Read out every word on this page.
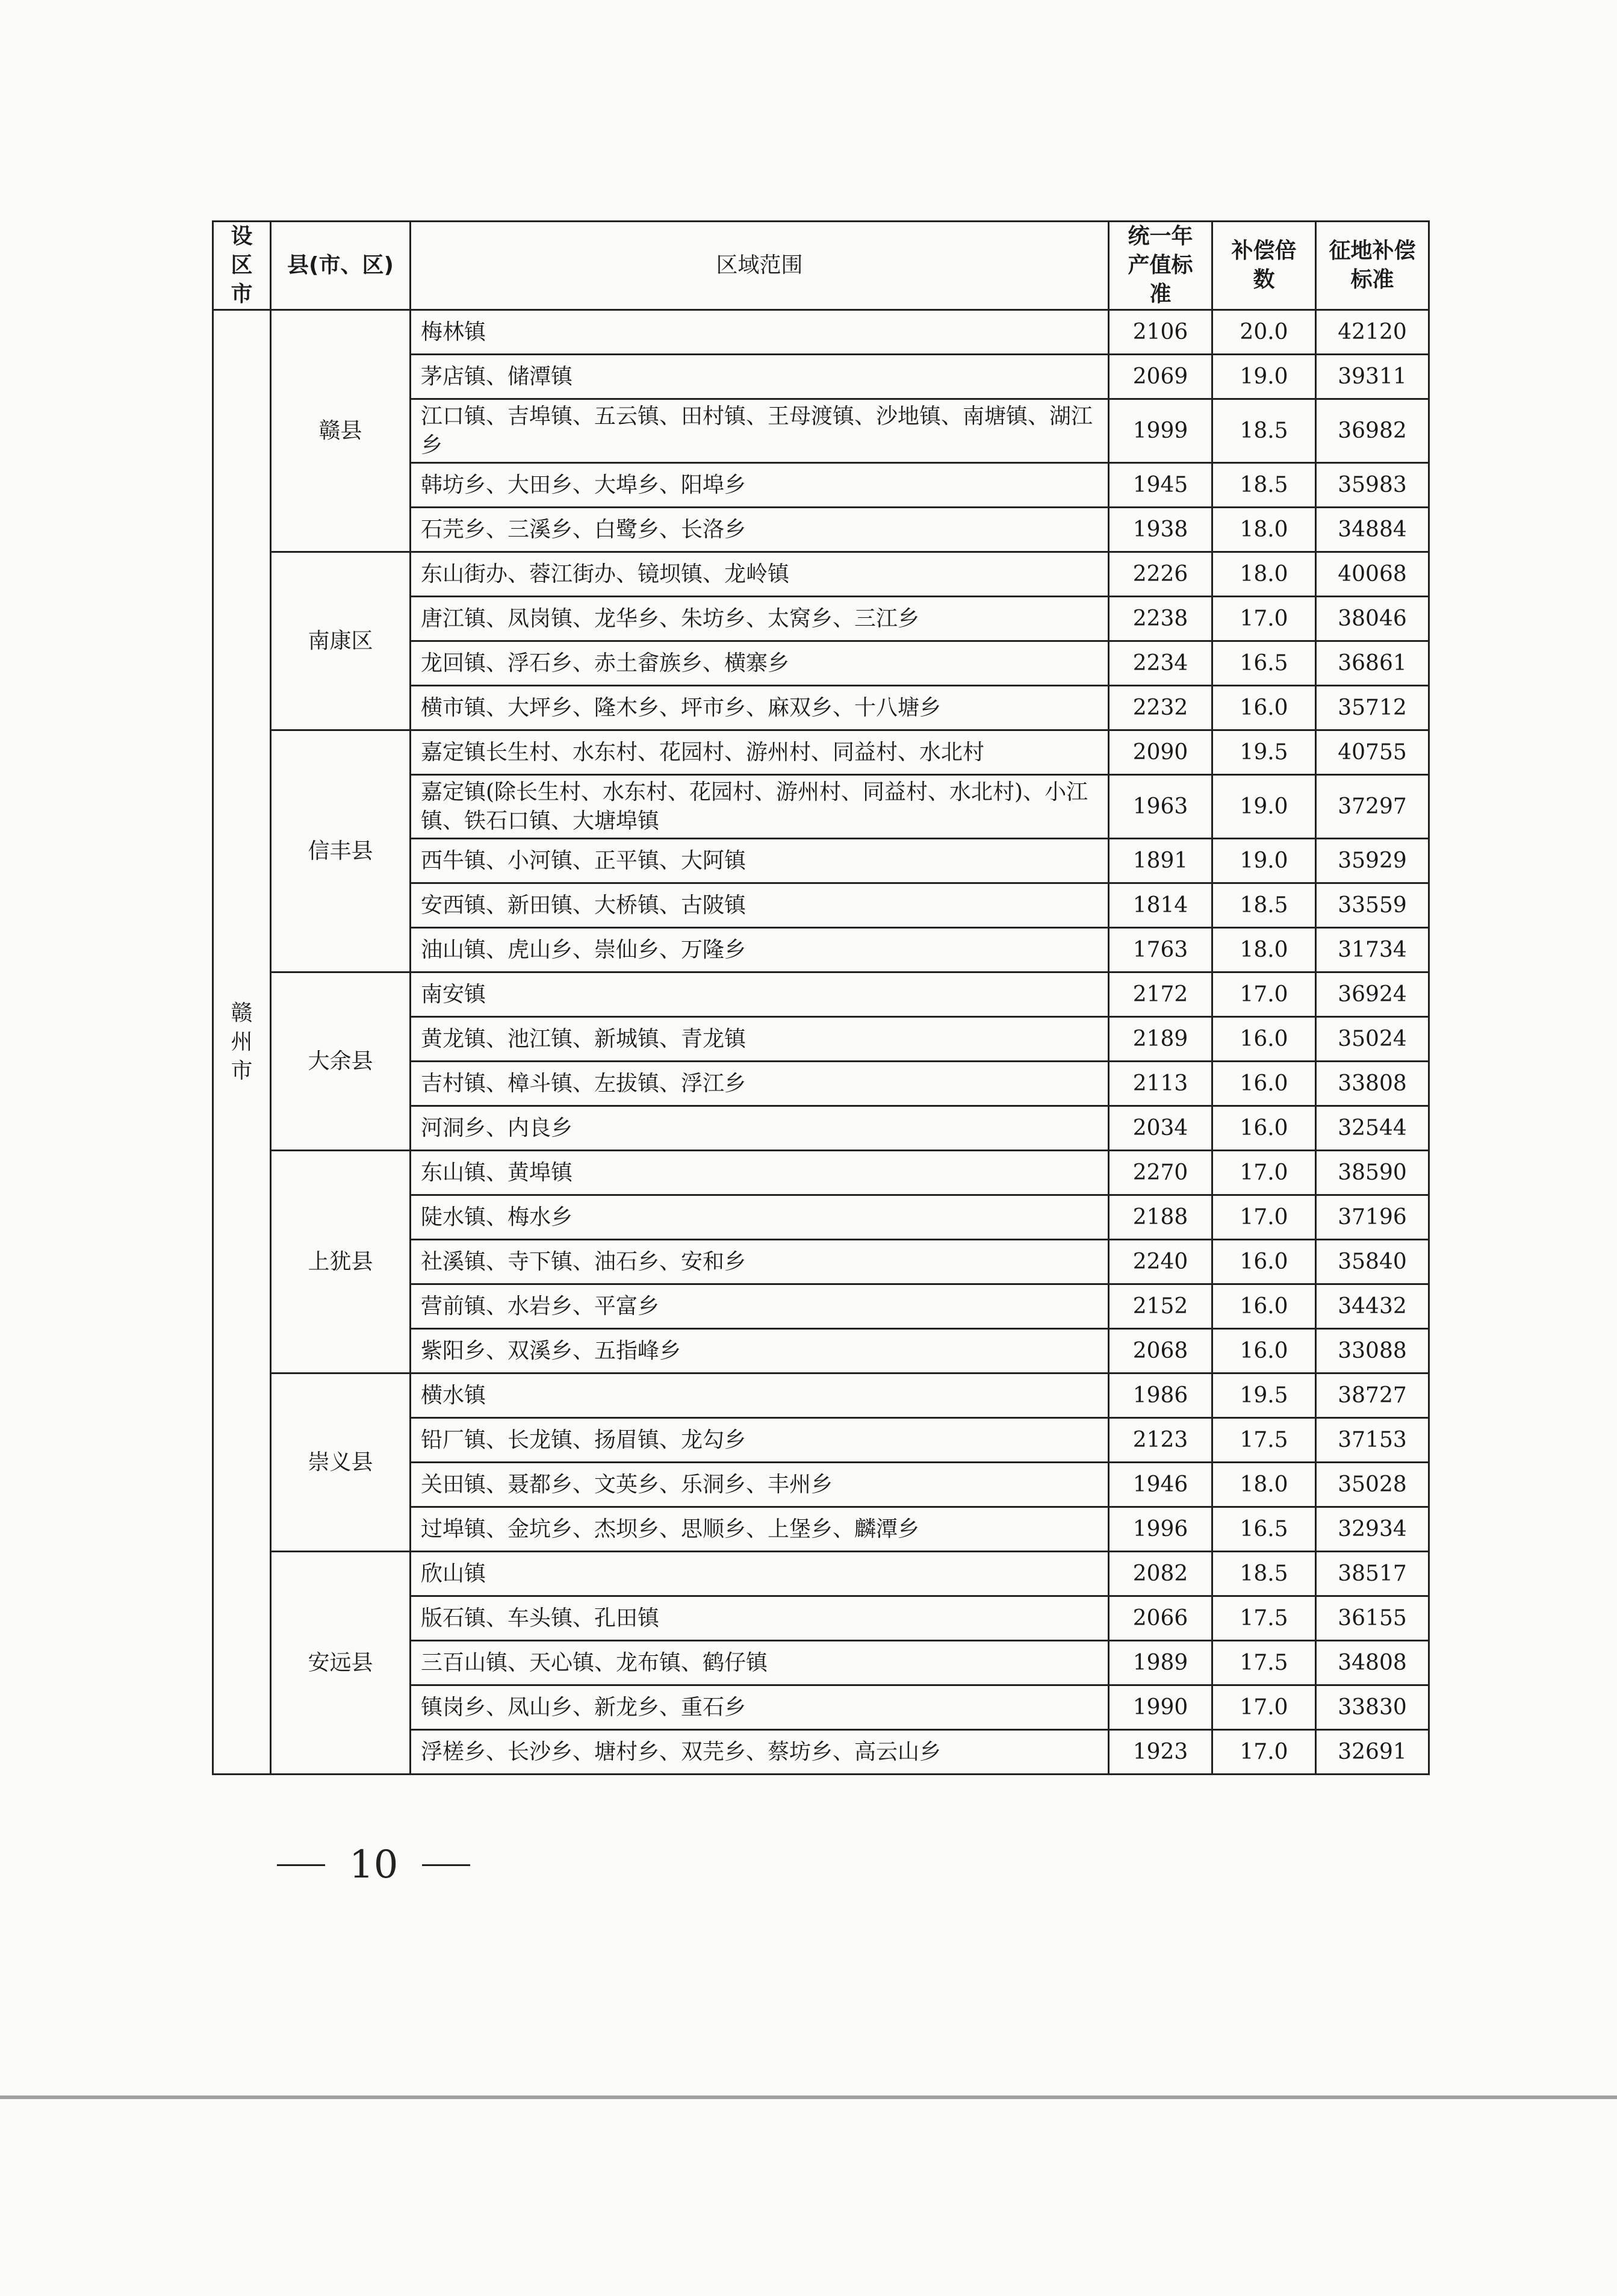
设区市	县(市、区)	区域范围	统一年产值标准	补偿倍数	征地补偿标准
赣州市	赣县	梅林镇	2106	20.0	42120
		茅店镇、储潭镇	2069	19.0	39311
		江口镇、吉埠镇、五云镇、田村镇、王母渡镇、沙地镇、南塘镇、湖江乡	1999	18.5	36982
		韩坊乡、大田乡、大埠乡、阳埠乡	1945	18.5	35983
		石芫乡、三溪乡、白鹭乡、长洛乡	1938	18.0	34884
	南康区	东山街办、蓉江街办、镜坝镇、龙岭镇	2226	18.0	40068
		唐江镇、凤岗镇、龙华乡、朱坊乡、太窝乡、三江乡	2238	17.0	38046
		龙回镇、浮石乡、赤土畲族乡、横寨乡	2234	16.5	36861
		横市镇、大坪乡、隆木乡、坪市乡、麻双乡、十八塘乡	2232	16.0	35712
	信丰县	嘉定镇长生村、水东村、花园村、游州村、同益村、水北村	2090	19.5	40755
		嘉定镇(除长生村、水东村、花园村、游州村、同益村、水北村)、小江镇、铁石口镇、大塘埠镇	1963	19.0	37297
		西牛镇、小河镇、正平镇、大阿镇	1891	19.0	35929
		安西镇、新田镇、大桥镇、古陂镇	1814	18.5	33559
		油山镇、虎山乡、崇仙乡、万隆乡	1763	18.0	31734
	大余县	南安镇	2172	17.0	36924
		黄龙镇、池江镇、新城镇、青龙镇	2189	16.0	35024
		吉村镇、樟斗镇、左拔镇、浮江乡	2113	16.0	33808
		河洞乡、内良乡	2034	16.0	32544
	上犹县	东山镇、黄埠镇	2270	17.0	38590
		陡水镇、梅水乡	2188	17.0	37196
		社溪镇、寺下镇、油石乡、安和乡	2240	16.0	35840
		营前镇、水岩乡、平富乡	2152	16.0	34432
		紫阳乡、双溪乡、五指峰乡	2068	16.0	33088
	崇义县	横水镇	1986	19.5	38727
		铅厂镇、长龙镇、扬眉镇、龙勾乡	2123	17.5	37153
		关田镇、聂都乡、文英乡、乐洞乡、丰州乡	1946	18.0	35028
		过埠镇、金坑乡、杰坝乡、思顺乡、上堡乡、麟潭乡	1996	16.5	32934
	安远县	欣山镇	2082	18.5	38517
		版石镇、车头镇、孔田镇	2066	17.5	36155
		三百山镇、天心镇、龙布镇、鹤仔镇	1989	17.5	34808
		镇岗乡、凤山乡、新龙乡、重石乡	1990	17.0	33830
		浮槎乡、长沙乡、塘村乡、双芫乡、蔡坊乡、高云山乡	1923	17.0	32691
10
